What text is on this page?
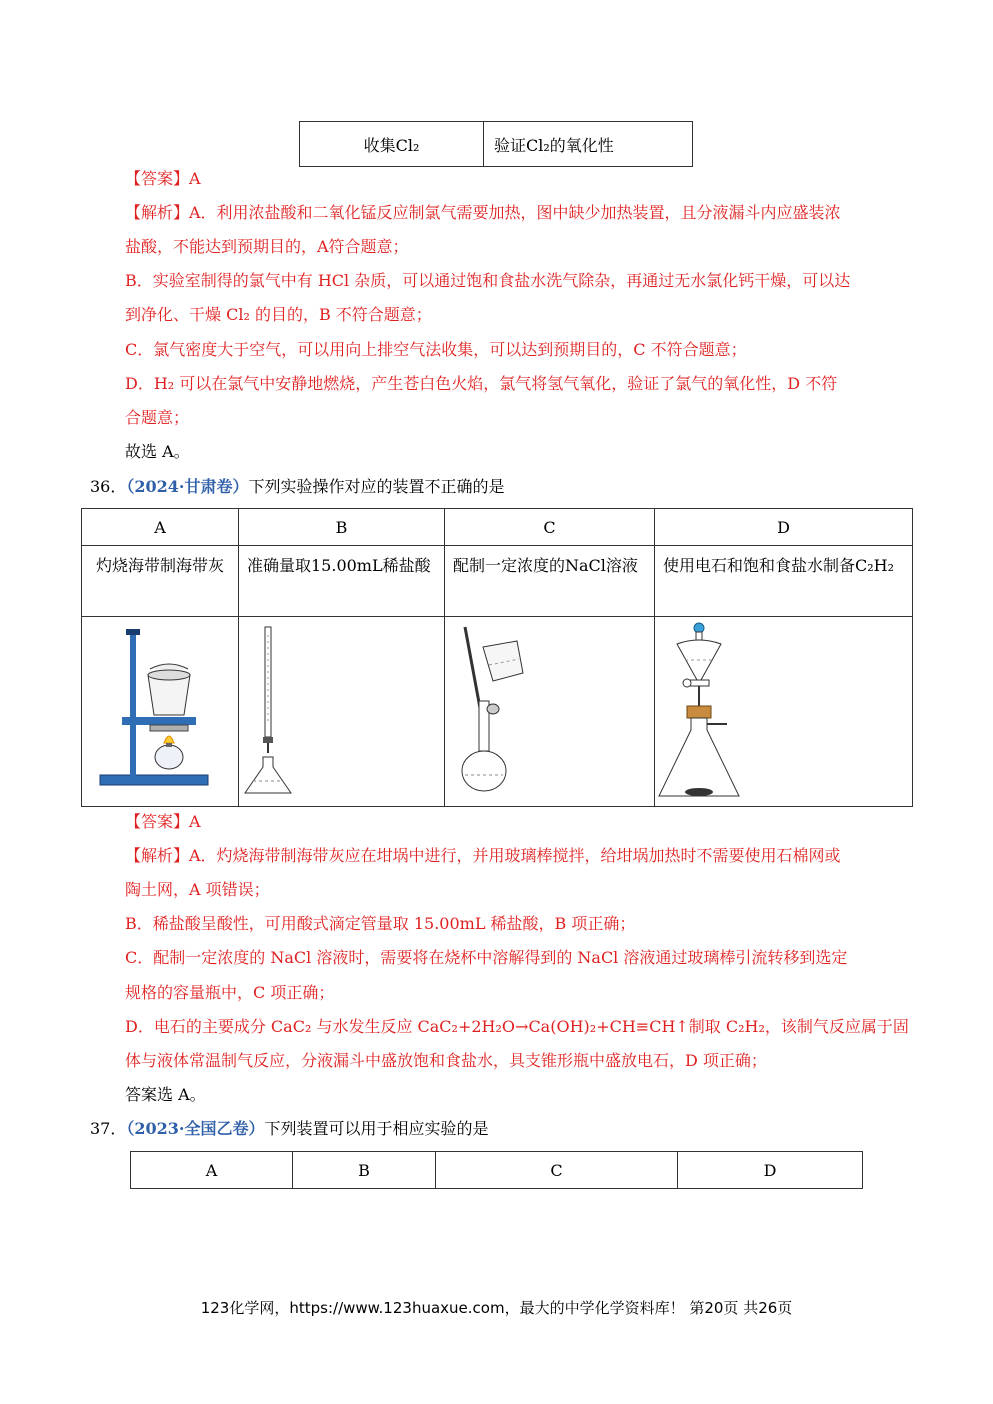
收集Cl₂	验证Cl₂的氧化性
【答案】A
【解析】A．利用浓盐酸和二氧化锰反应制氯气需要加热，图中缺少加热装置，且分液漏斗内应盛装浓
盐酸，不能达到预期目的，A符合题意；
B．实验室制得的氯气中有 HCl 杂质，可以通过饱和食盐水洗气除杂，再通过无水氯化钙干燥，可以达
到净化、干燥 Cl₂ 的目的，B 不符合题意；
C．氯气密度大于空气，可以用向上排空气法收集，可以达到预期目的，C 不符合题意；
D．H₂ 可以在氯气中安静地燃烧，产生苍白色火焰，氯气将氢气氧化，验证了氯气的氧化性，D 不符
合题意；
故选 A。
36．（2024·甘肃卷）下列实验操作对应的装置不正确的是
A	B	C	D
灼烧海带制海带灰	准确量取15.00mL稀盐酸	配制一定浓度的NaCl溶液	使用电石和饱和食盐水制备C₂H₂

【答案】A
【解析】A．灼烧海带制海带灰应在坩埚中进行，并用玻璃棒搅拌，给坩埚加热时不需要使用石棉网或
陶土网，A 项错误；
B．稀盐酸呈酸性，可用酸式滴定管量取 15.00mL 稀盐酸，B 项正确；
C．配制一定浓度的 NaCl 溶液时，需要将在烧杯中溶解得到的 NaCl 溶液通过玻璃棒引流转移到选定
规格的容量瓶中，C 项正确；
D．电石的主要成分 CaC₂ 与水发生反应 CaC₂+2H₂O→Ca(OH)₂+CH≡CH↑制取 C₂H₂，该制气反应属于固
体与液体常温制气反应，分液漏斗中盛放饱和食盐水，具支锥形瓶中盛放电石，D 项正确；
答案选 A。
37．（2023·全国乙卷）下列装置可以用于相应实验的是
A	B	C	D
123化学网，https://www.123huaxue.com，最大的中学化学资料库！ 第20页 共26页
